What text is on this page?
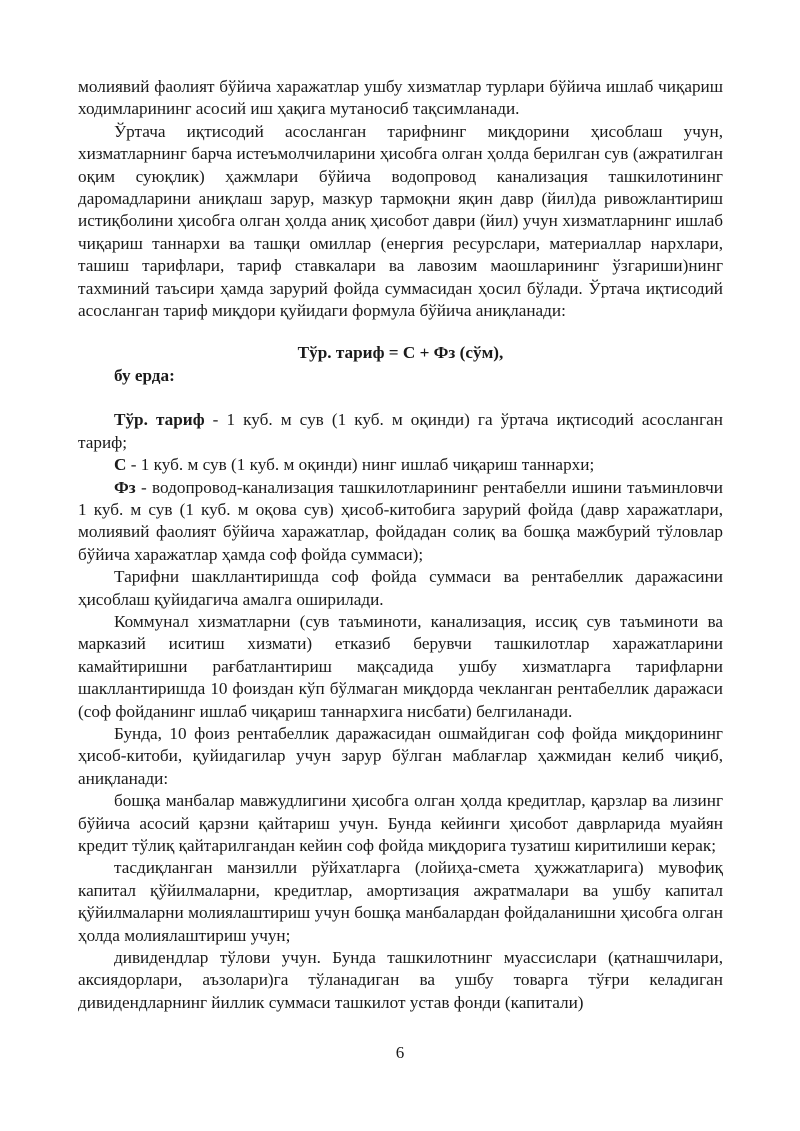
молиявий фаолият бўйича харажатлар ушбу хизматлар турлари бўйича ишлаб чиқариш ходимларининг асосий иш ҳақига мутаносиб тақсимланади.

Ўртача иқтисодий асосланган тарифнинг миқдорини ҳисоблаш учун, хизматларнинг барча истеъмолчиларини ҳисобга олган ҳолда берилган сув (ажратилган оқим суюқлик) ҳажмлари бўйича водопровод канализация ташкилотининг даромадларини аниқлаш зарур, мазкур тармоқни яқин давр (йил)да ривожлантириш истиқболини ҳисобга олган ҳолда аниқ ҳисобот даври (йил) учун хизматларнинг ишлаб чиқариш таннархи ва ташқи омиллар (енергия ресурслари, материаллар нархлари, ташиш тарифлари, тариф ставкалари ва лавозим маошларининг ўзгариши)нинг тахминий таъсири ҳамда зарурий фойда суммасидан ҳосил бўлади. Ўртача иқтисодий асосланган тариф миқдори қуйидаги формула бўйича аниқланади:

Тўр. тариф = С + Фз (сўм),

бу ерда:

Тўр. тариф - 1 куб. м сув (1 куб. м оқинди) га ўртача иқтисодий асосланган тариф;

С - 1 куб. м сув (1 куб. м оқинди) нинг ишлаб чиқариш таннархи;

Фз - водопровод-канализация ташкилотларининг рентабелли ишини таъминловчи 1 куб. м сув (1 куб. м оқова сув) ҳисоб-китобига зарурий фойда (давр харажатлари, молиявий фаолият бўйича харажатлар, фойдадан солиқ ва бошқа мажбурий тўловлар бўйича харажатлар ҳамда соф фойда суммаси);

Тарифни шакллантиришда соф фойда суммаси ва рентабеллик даражасини ҳисоблаш қуйидагича амалга оширилади.

Коммунал хизматларни (сув таъминоти, канализация, иссиқ сув таъминоти ва марказий иситиш хизмати) етказиб берувчи ташкилотлар харажатларини камайтиришни рағбатлантириш мақсадида ушбу хизматларга тарифларни шакллантиришда 10 фоиздан кўп бўлмаган миқдорда чекланган рентабеллик даражаси (соф фойданинг ишлаб чиқариш таннархига нисбати) белгиланади.

Бунда, 10 фоиз рентабеллик даражасидан ошмайдиган соф фойда миқдорининг ҳисоб-китоби, қуйидагилар учун зарур бўлган маблағлар ҳажмидан келиб чиқиб, аниқланади:

бошқа манбалар мавжудлигини ҳисобга олган ҳолда кредитлар, қарзлар ва лизинг бўйича асосий қарзни қайтариш учун. Бунда кейинги ҳисобот даврларида муайян кредит тўлиқ қайтарилгандан кейин соф фойда миқдорига тузатиш киритилиши керак;

тасдиқланган манзилли рўйхатларга (лойиҳа-смета ҳужжатларига) мувофиқ капитал қўйилмаларни, кредитлар, амортизация ажратмалари ва ушбу капитал қўйилмаларни молиялаштириш учун бошқа манбалардан фойдаланишни ҳисобга олган ҳолда молиялаштириш учун;

дивидендлар тўлови учун. Бунда ташкилотнинг муассислари (қатнашчилари, аксиядорлари, аъзолари)га тўланадиган ва ушбу товарга тўғри келадиган дивидендларнинг йиллик суммаси ташкилот устав фонди (капитали)

6
